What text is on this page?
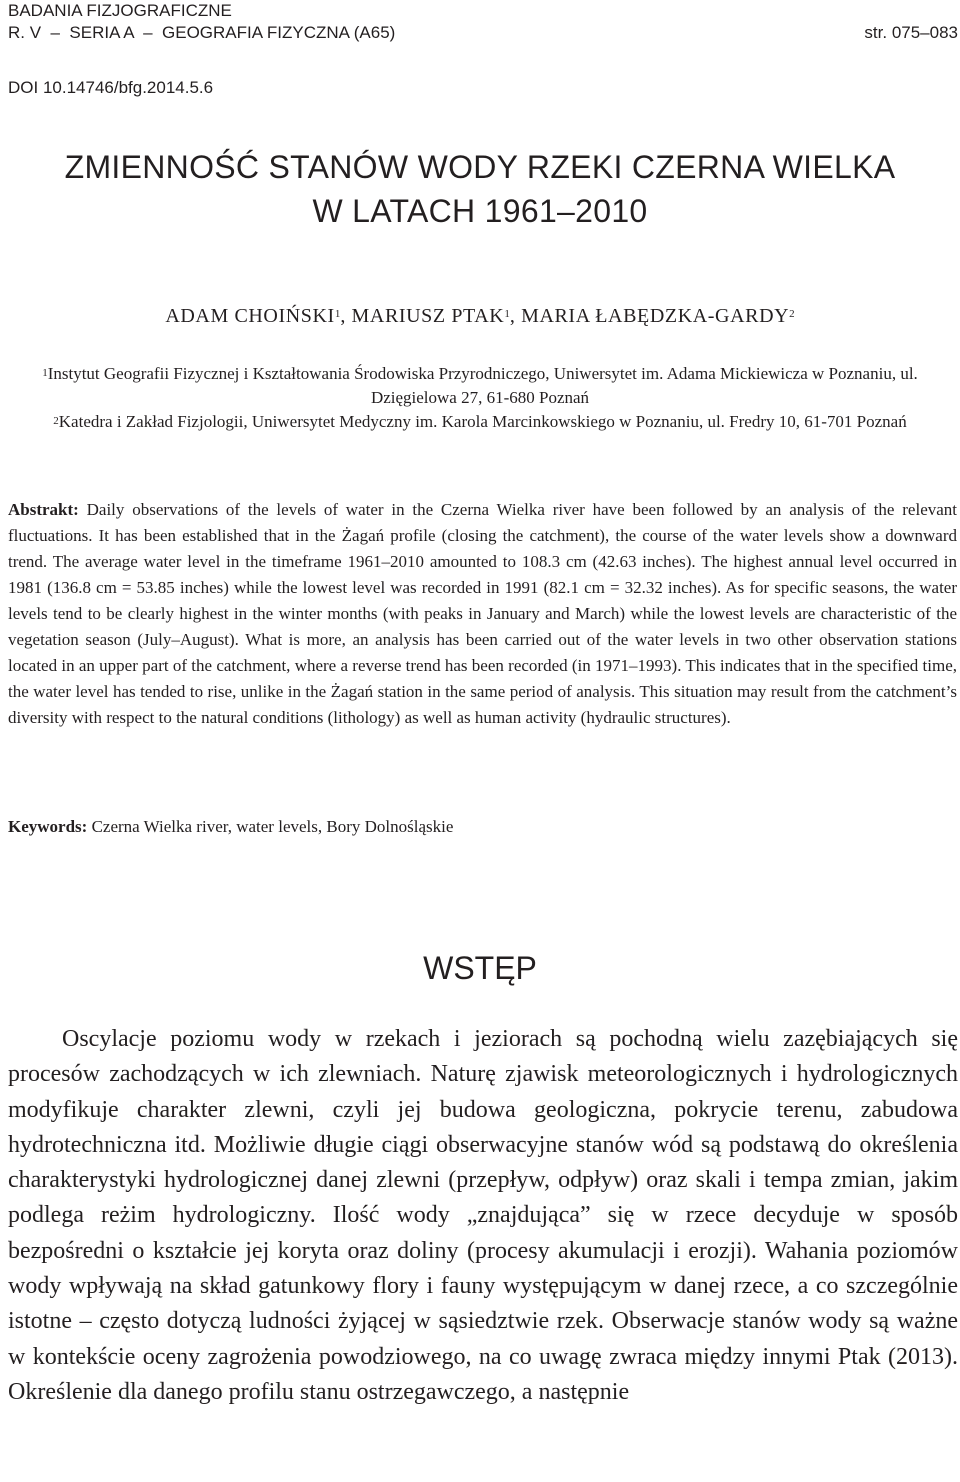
BADANIA FIZJOGRAFICZNE
R. V  –  SERIA A  –  GEOGRAFIA FIZYCZNA (A65)	str. 075–083
DOI 10.14746/bfg.2014.5.6
ZMIENNOŚĆ STANÓW WODY RZEKI CZERNA WIELKA
W LATACH 1961–2010
ADAM CHOIŃSKI$^1$, MARIUSZ PTAK$^1$, MARIA ŁABĘDZKA-GARDY$^2$
$^1$Instytut Geografii Fizycznej i Kształtowania Środowiska Przyrodniczego, Uniwersytet im. Adama Mickiewicza w Poznaniu, ul. Dzięgielowa 27, 61-680 Poznań
$^2$Katedra i Zakład Fizjologii, Uniwersytet Medyczny im. Karola Marcinkowskiego w Poznaniu, ul. Fredry 10, 61-701 Poznań
Abstrakt: Daily observations of the levels of water in the Czerna Wielka river have been followed by an analysis of the relevant fluctuations. It has been established that in the Żagań profile (closing the catchment), the course of the water levels show a downward trend. The average water level in the timeframe 1961–2010 amounted to 108.3 cm (42.63 inches). The highest annual level occurred in 1981 (136.8 cm = 53.85 inches) while the lowest level was recorded in 1991 (82.1 cm = 32.32 inches). As for specific seasons, the water levels tend to be clearly highest in the winter months (with peaks in January and March) while the lowest levels are characteristic of the vegetation season (July–August). What is more, an analysis has been carried out of the water levels in two other observation stations located in an upper part of the catchment, where a reverse trend has been recorded (in 1971–1993). This indicates that in the specified time, the water level has tended to rise, unlike in the Żagań station in the same period of analysis. This situation may result from the catchment’s diversity with respect to the natural conditions (lithology) as well as human activity (hydraulic structures).
Keywords: Czerna Wielka river, water levels, Bory Dolnośląskie
WSTĘP
Oscylacje poziomu wody w rzekach i jeziorach są pochodną wielu zazębiających się procesów zachodzących w ich zlewniach. Naturę zjawisk meteorologicznych i hydrologicznych modyfikuje charakter zlewni, czyli jej budowa geologiczna, pokrycie terenu, zabudowa hydrotechniczna itd. Możliwie długie ciągi obserwacyjne stanów wód są podstawą do określenia charakterystyki hydrologicznej danej zlewni (przepływ, odpływ) oraz skali i tempa zmian, jakim podlega reżim hydrologiczny. Ilość wody „znajdująca” się w rzece decyduje w sposób bezpośredni o kształcie jej koryta oraz doliny (procesy akumulacji i erozji). Wahania poziomów wody wpływają na skład gatunkowy flory i fauny występującym w danej rzece, a co szczególnie istotne – często dotyczą ludności żyjącej w sąsiedztwie rzek. Obserwacje stanów wody są ważne w kontekście oceny zagrożenia powodziowego, na co uwagę zwraca między innymi Ptak (2013). Określenie dla danego profilu stanu ostrzegawczego, a następnie
